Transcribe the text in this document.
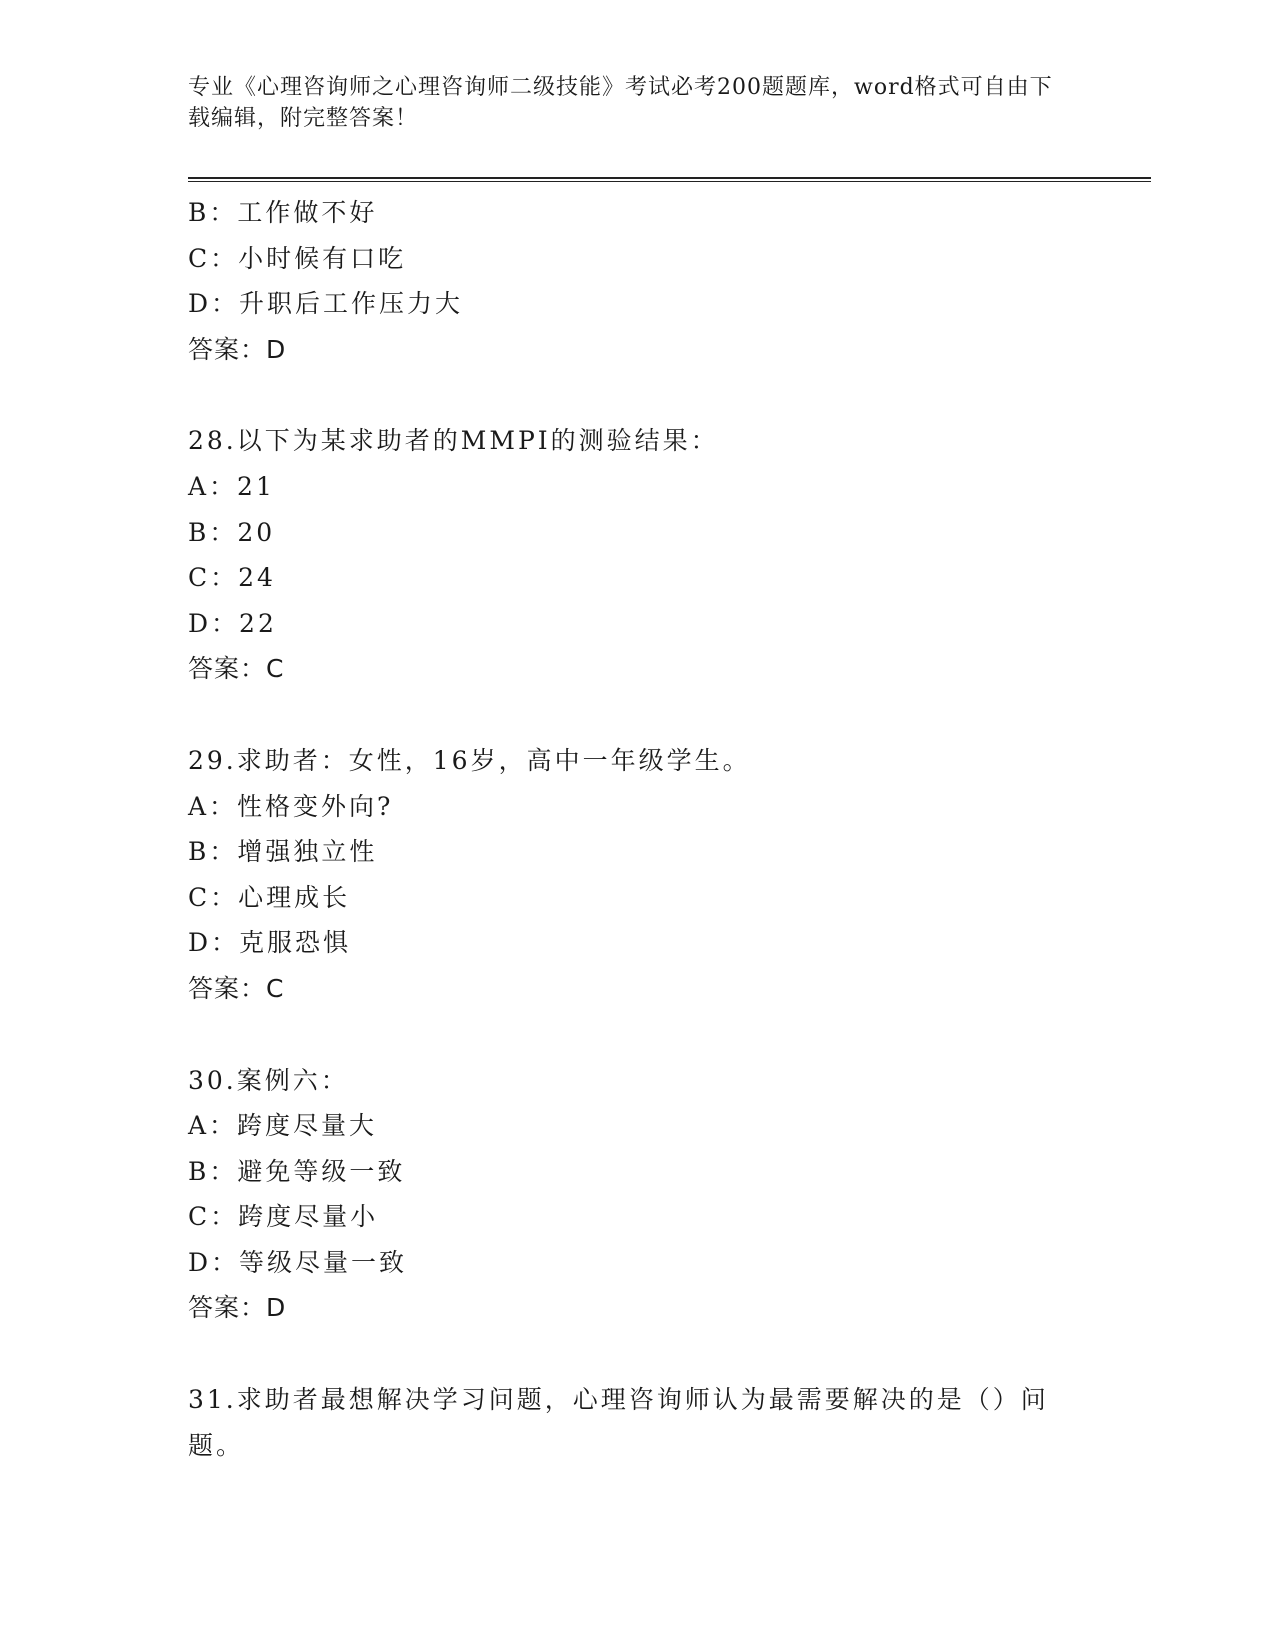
专业《心理咨询师之心理咨询师二级技能》考试必考200题题库，word格式可自由下载编辑，附完整答案！
B：工作做不好
C：小时候有口吃
D：升职后工作压力大
答案：D
28.以下为某求助者的MMPI的测验结果：
A：21
B：20
C：24
D：22
答案：C
29.求助者：女性，16岁，高中一年级学生。
A：性格变外向?
B：增强独立性
C：心理成长
D：克服恐惧
答案：C
30.案例六：
A：跨度尽量大
B：避免等级一致
C：跨度尽量小
D：等级尽量一致
答案：D
31.求助者最想解决学习问题，心理咨询师认为最需要解决的是（）问题。
